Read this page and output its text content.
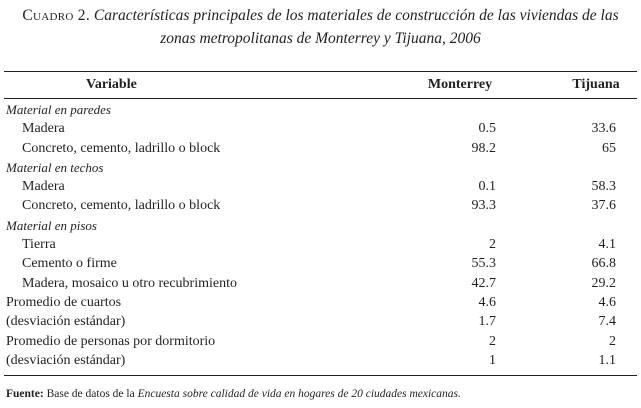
Cuadro 2. Características principales de los materiales de construcción de las viviendas de las
zonas metropolitanas de Monterrey y Tijuana, 2006
Variable	Monterrey	Tijuana
Material en paredes
Madera	0.5	33.6
Concreto, cemento, ladrillo o block	98.2	65
Material en techos
Madera	0.1	58.3
Concreto, cemento, ladrillo o block	93.3	37.6
Material en pisos
Tierra	2	4.1
Cemento o firme	55.3	66.8
Madera, mosaico u otro recubrimiento	42.7	29.2
Promedio de cuartos	4.6	4.6
(desviación estándar)	1.7	7.4
Promedio de personas por dormitorio	2	2
(desviación estándar)	1	1.1
Fuente: Base de datos de la Encuesta sobre calidad de vida en hogares de 20 ciudades mexicanas.
